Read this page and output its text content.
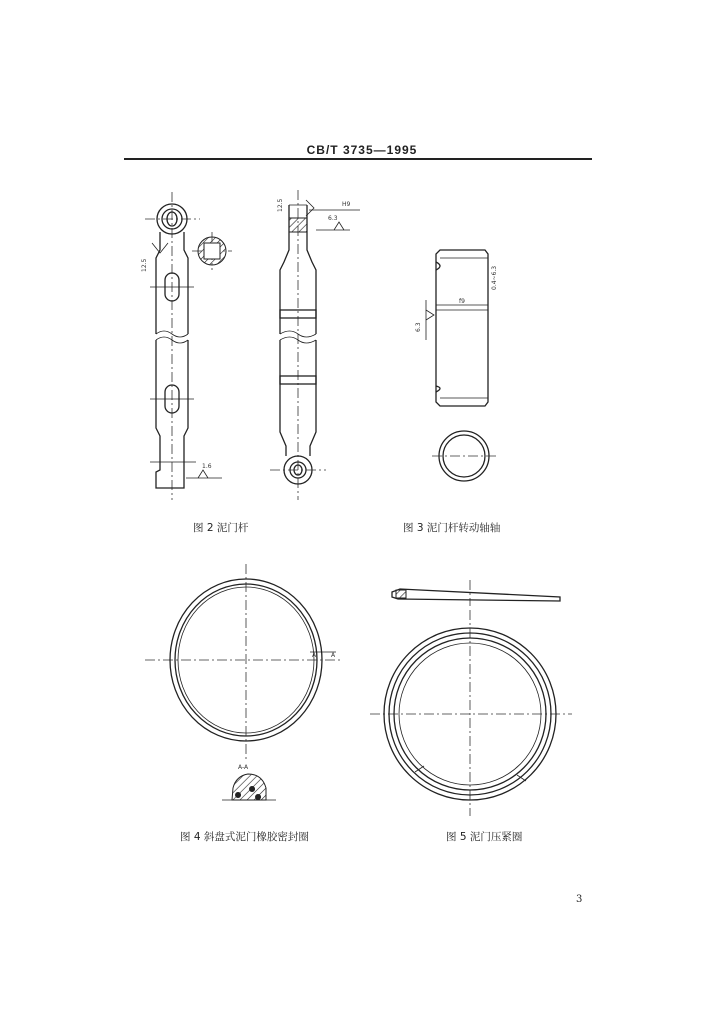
CB/T 3735—1995
12.5
1.6
12.5	H9
6.3
f9
0.4~6.3
6.3
A A
A-A
图 2 泥门杆	图 3 泥门杆转动轴轴
图 4 斜盘式泥门橡胶密封圈	图 5 泥门压紧圈
3
